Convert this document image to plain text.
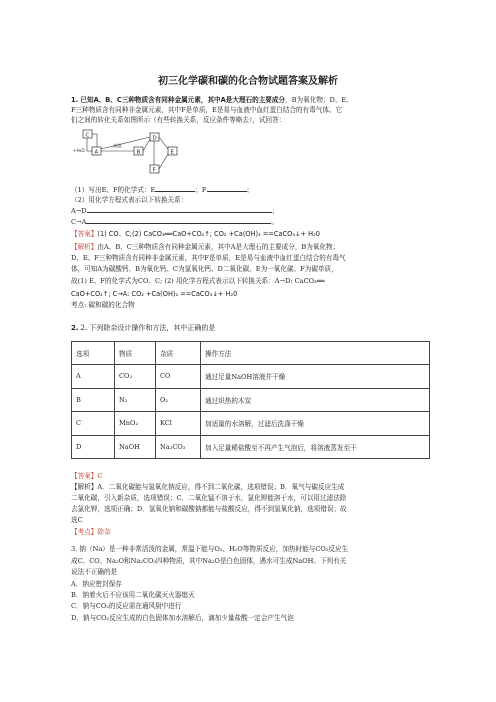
初三化学碳和碳的化合物试题答案及解析
1. 已知A、B、C三种物质含有同种金属元素，其中A是大理石的主要成分，B为氧化物；D、E、
F三种物质含有同种非金属元素，其中F是单质，E是易与血液中血红蛋白结合的有毒气体。它
们之间的转化关系如图所示（有些转换关系，反应条件等略去），试回答：
C
+H₂O A	B
高温
D
E
F
（1）写出E、F的化学式：E	；F	；
（2）用化学方程式表示以下转换关系：
A→D	；
C→A	。
【答案】(1) CO、C;(2) CaCO₃══CaO+CO₂↑; CO₂ +Ca(OH)₂ ==CaCO₃↓+ H₂0
【解析】由A、B、C三种物质含有同种金属元素，其中A是大理石的主要成分，B为氧化物；
D、E、F三种物质含有同种非金属元素，其中F是单质，E是易与血液中血红蛋白结合的有毒气
体，可知A为碳酸钙、B为氧化钙、C为氢氧化钙、D二氧化碳、E为一氧化碳、F为碳单质，
故(1) E、F的化学式为CO、C; (2) 用化学方程式表示以下转换关系：A→D: CaCO₃══
CaO+CO₂↑; C→A: CO₂ +Ca(OH)₂ ==CaCO₃↓+ H₂0
考点: 碳和碳的化合物
2. 2. 下列除杂设计操作和方法，其中正确的是
选项	物质	杂质	操作方法
A	CO₂	CO	通过足量NaOH溶液并干燥
B	N₂	O₂	通过炽热的木炭
C	MnO₂	KCl	加适量的水溶解，过滤后洗涤干燥
D	NaOH	Na₂CO₃	加入足量稀盐酸至不再产生气泡后，将溶液蒸发至干
【答案】C
【解析】A．二氧化碳能与氢氧化钠反应，得不到二氧化碳，选项错误；B．氧气与碳反应生成
二氧化碳，引入新杂质，选项错误；C．二氧化锰不溶于水，氯化钾能溶于水，可以用过滤法除
去氯化钾，选项正确；D．氢氧化钠和碳酸钠都能与盐酸反应，得不到氢氧化钠，选项错误；故
选C
【考点】除杂
3. 钠（Na）是一种非常活泼的金属，常温下能与O₂、H₂O等物质反应，加热时能与CO₂反应生
成C、CO、Na₂O和Na₂CO₃四种物质，其中Na₂O是白色固体，遇水可生成NaOH。下列有关
说法不正确的是
A．钠应密封保存
B．钠着火后不应该用二氧化碳灭火器熄灭
C．钠与CO₂的反应需在通风厨中进行
D．钠与CO₂反应生成的白色固体加水溶解后，滴加少量盐酸一定会产生气泡
